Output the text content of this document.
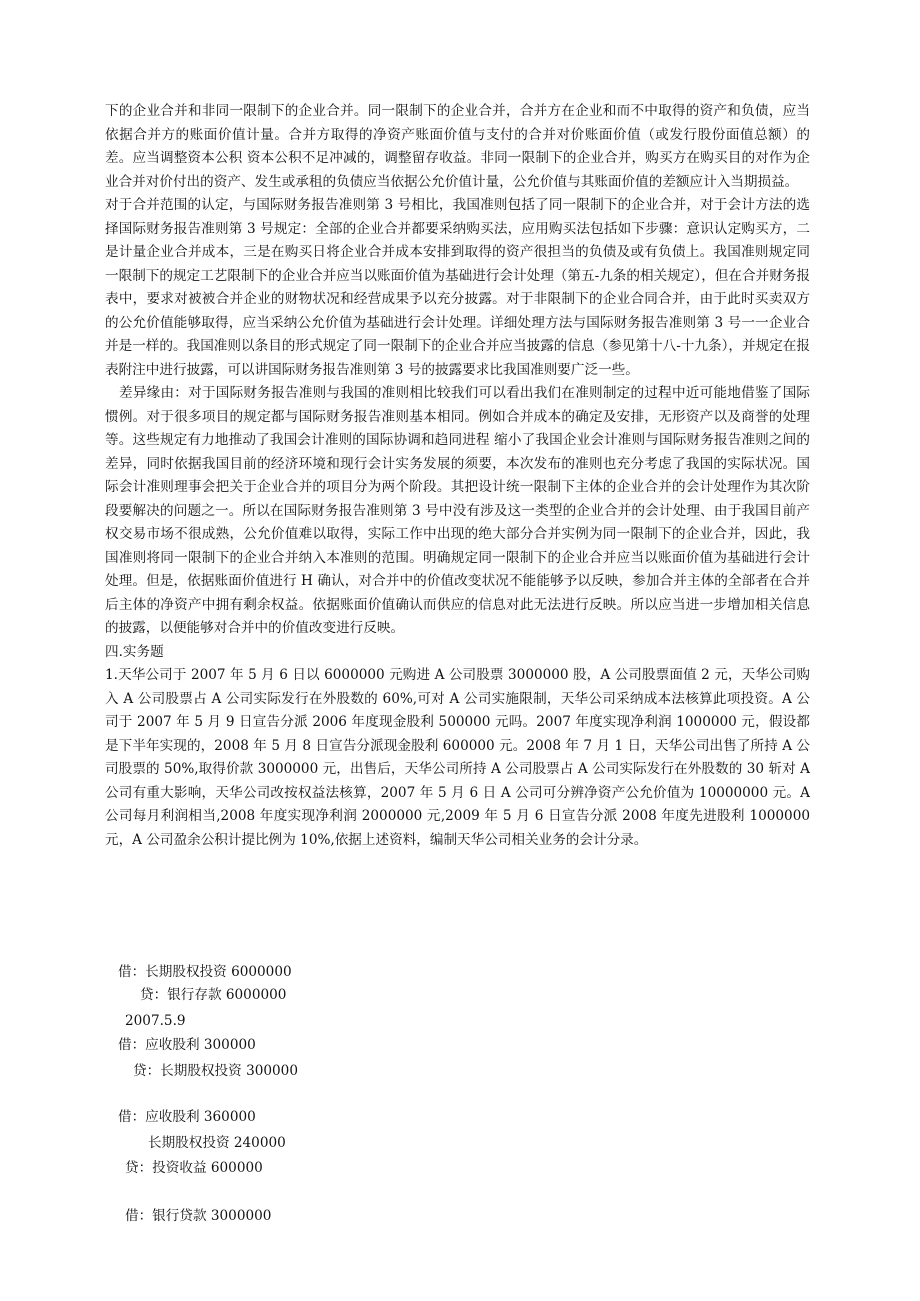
下的企业合并和非同一限制下的企业合并。同一限制下的企业合并，合并方在企业和而不中取得的资产和负债，应当依据合并方的账面价值计量。合并方取得的净资产账面价值与支付的合并对价账面价值（或发行股份面值总额）的差。应当调整资本公积 资本公积不足冲减的，调整留存收益。非同一限制下的企业合并，购买方在购买目的对作为企业合并对价付出的资产、发生或承租的负债应当依据公允价值计量，公允价值与其账面价值的差额应计入当期损益。

对于合并范围的认定，与国际财务报告准则第 3 号相比，我国准则包括了同一限制下的企业合并，对于会计方法的选择国际财务报告准则第 3 号规定：全部的企业合并都要采纳购买法，应用购买法包括如下步骤：意识认定购买方，二是计量企业合并成本，三是在购买日将企业合并成本安排到取得的资产很担当的负债及或有负债上。我国准则规定同一限制下的规定工艺限制下的企业合并应当以账面价值为基础进行会计处理（第五-九条的相关规定），但在合并财务报表中，要求对被被合并企业的财物状况和经营成果予以充分披露。对于非限制下的企业合同合并，由于此时买卖双方的公允价值能够取得，应当采纳公允价值为基础进行会计处理。详细处理方法与国际财务报告准则第 3 号一一企业合并是一样的。我国准则以条目的形式规定了同一限制下的企业合并应当披露的信息（参见第十八-十九条），并规定在报表附注中进行披露，可以讲国际财务报告准则第 3 号的披露要求比我国准则要广泛一些。

差异缘由：对于国际财务报告准则与我国的准则相比较我们可以看出我们在准则制定的过程中近可能地借鉴了国际惯例。对于很多项目的规定都与国际财务报告准则基本相同。例如合并成本的确定及安排，无形资产以及商誉的处理等。这些规定有力地推动了我国会计准则的国际协调和趋同进程 缩小了我国企业会计准则与国际财务报告准则之间的差异，同时依据我国目前的经济环境和现行会计实务发展的须要，本次发布的准则也充分考虑了我国的实际状况。国际会计准则理事会把关于企业合并的项目分为两个阶段。其把设计统一限制下主体的企业合并的会计处理作为其次阶段要解决的问题之一。所以在国际财务报告准则第 3 号中没有涉及这一类型的企业合并的会计处理、由于我国目前产权交易市场不很成熟，公允价值难以取得，实际工作中出现的绝大部分合并实例为同一限制下的企业合并，因此，我国准则将同一限制下的企业合并纳入本准则的范围。明确规定同一限制下的企业合并应当以账面价值为基础进行会计处理。但是，依据账面价值进行 H 确认，对合并中的价值改变状况不能能够予以反映，参加合并主体的全部者在合并后主体的净资产中拥有剩余权益。依据账面价值确认而供应的信息对此无法进行反映。所以应当进一步增加相关信息的披露，以便能够对合并中的价值改变进行反映。

四.实务题

1.天华公司于 2007 年 5 月 6 日以 6000000 元购进 A 公司股票 3000000 股，A 公司股票面值 2 元，天华公司购入 A 公司股票占 A 公司实际发行在外股数的 60%,可对 A 公司实施限制，天华公司采纳成本法核算此项投资。A 公司于 2007 年 5 月 9 日宣告分派 2006 年度现金股利 500000 元吗。2007 年度实现净利润 1000000 元，假设都是下半年实现的，2008 年 5 月 8 日宣告分派现金股利 600000 元。2008 年 7 月 1 日，天华公司出售了所持 A 公司股票的 50%,取得价款 3000000 元，出售后，天华公司所持 A 公司股票占 A 公司实际发行在外股数的 30 斩对 A 公司有重大影响，天华公司改按权益法核算，2007 年 5 月 6 日 A 公司可分辨净资产公允价值为 10000000 元。A 公司每月利润相当,2008 年度实现净利润 2000000 元,2009 年 5 月 6 日宣告分派 2008 年度先进股利 1000000 元，A 公司盈余公积计提比例为 10%,依据上述资料，编制天华公司相关业务的会计分录。

借：长期股权投资 6000000
贷：银行存款 6000000
2007.5.9
借：应收股利 300000
贷：长期股权投资 300000
借：应收股利 360000
长期股权投资 240000
贷：投资收益 600000
借：银行贷款 3000000
